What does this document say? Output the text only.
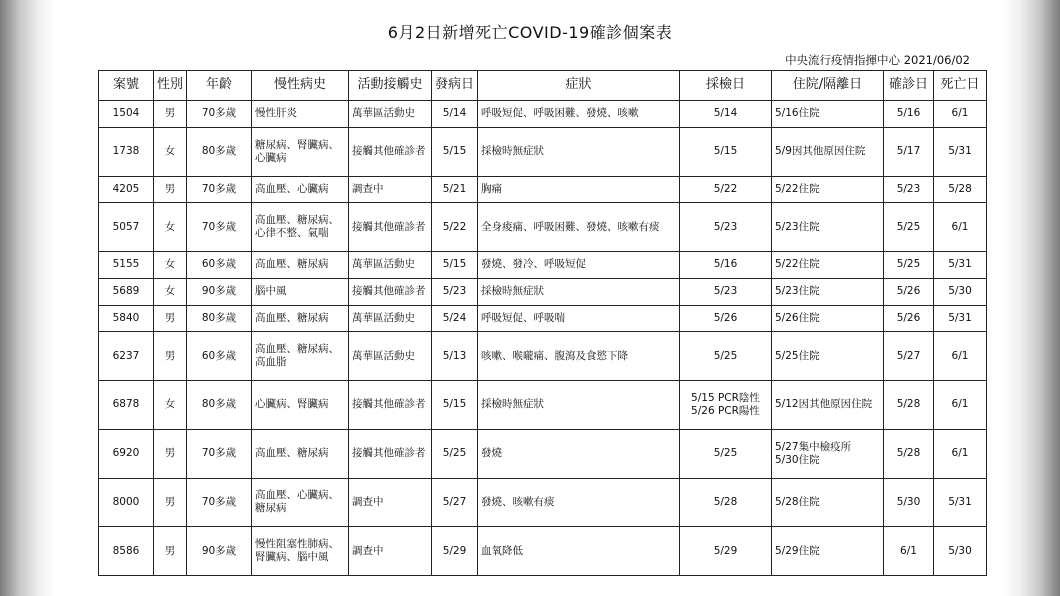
6月2日新增死亡COVID-19確診個案表
中央流行疫情指揮中心 2021/06/02
案號	性別	年齡	慢性病史	活動接觸史	發病日	症狀	採檢日	住院/隔離日	確診日	死亡日
1504	男	70多歲	慢性肝炎	萬華區活動史	5/14	呼吸短促、呼吸困難、發燒、咳嗽	5/14	5/16住院	5/16	6/1
1738	女	80多歲	糖尿病、腎臟病、
心臟病	接觸其他確診者	5/15	採檢時無症狀	5/15	5/9因其他原因住院	5/17	5/31
4205	男	70多歲	高血壓、心臟病	調查中	5/21	胸痛	5/22	5/22住院	5/23	5/28
5057	女	70多歲	高血壓、糖尿病、
心律不整、氣喘	接觸其他確診者	5/22	全身痠痛、呼吸困難、發燒、咳嗽有痰	5/23	5/23住院	5/25	6/1
5155	女	60多歲	高血壓、糖尿病	萬華區活動史	5/15	發燒、發冷、呼吸短促	5/16	5/22住院	5/25	5/31
5689	女	90多歲	腦中風	接觸其他確診者	5/23	採檢時無症狀	5/23	5/23住院	5/26	5/30
5840	男	80多歲	高血壓、糖尿病	萬華區活動史	5/24	呼吸短促、呼吸喘	5/26	5/26住院	5/26	5/31
6237	男	60多歲	高血壓、糖尿病、
高血脂	萬華區活動史	5/13	咳嗽、喉嚨痛、腹瀉及食慾下降	5/25	5/25住院	5/27	6/1
6878	女	80多歲	心臟病、腎臟病	接觸其他確診者	5/15	採檢時無症狀	5/15 PCR陰性
5/26 PCR陽性	5/12因其他原因住院	5/28	6/1
6920	男	70多歲	高血壓、糖尿病	接觸其他確診者	5/25	發燒	5/25	5/27集中檢疫所
5/30住院	5/28	6/1
8000	男	70多歲	高血壓、心臟病、
糖尿病	調查中	5/27	發燒、咳嗽有痰	5/28	5/28住院	5/30	5/31
8586	男	90多歲	慢性阻塞性肺病、
腎臟病、腦中風	調查中	5/29	血氧降低	5/29	5/29住院	6/1	5/30
